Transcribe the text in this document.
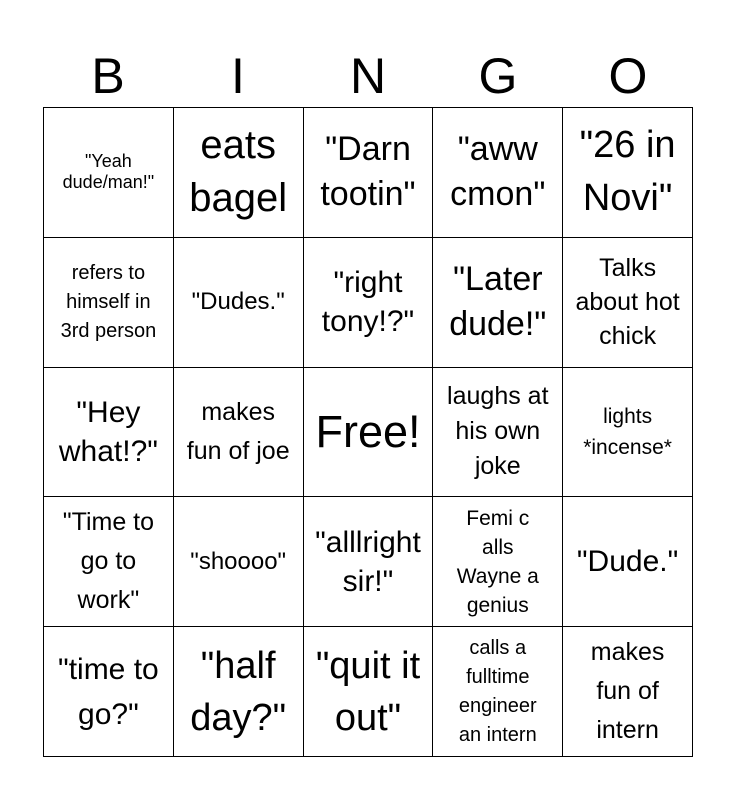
B	I	N	G	O
"Yeah dude/man!"
eats bagel
"Darn tootin"
"aww cmon"
"26 in Novi"
refers to himself in 3rd person
"Dudes."
"right tony!?"
"Later dude!"
Talks about hot chick
"Hey what!?"
makes fun of joe Free!
laughs at his own joke
lights *incense*
"Time to go to work"
"shoooo"
"alllright sir!"
Femi c alls Wayne a genius
"Dude."
"time to go?"
"half day?"
"quit it out"
calls a fulltime engineer an intern
makes fun of intern
